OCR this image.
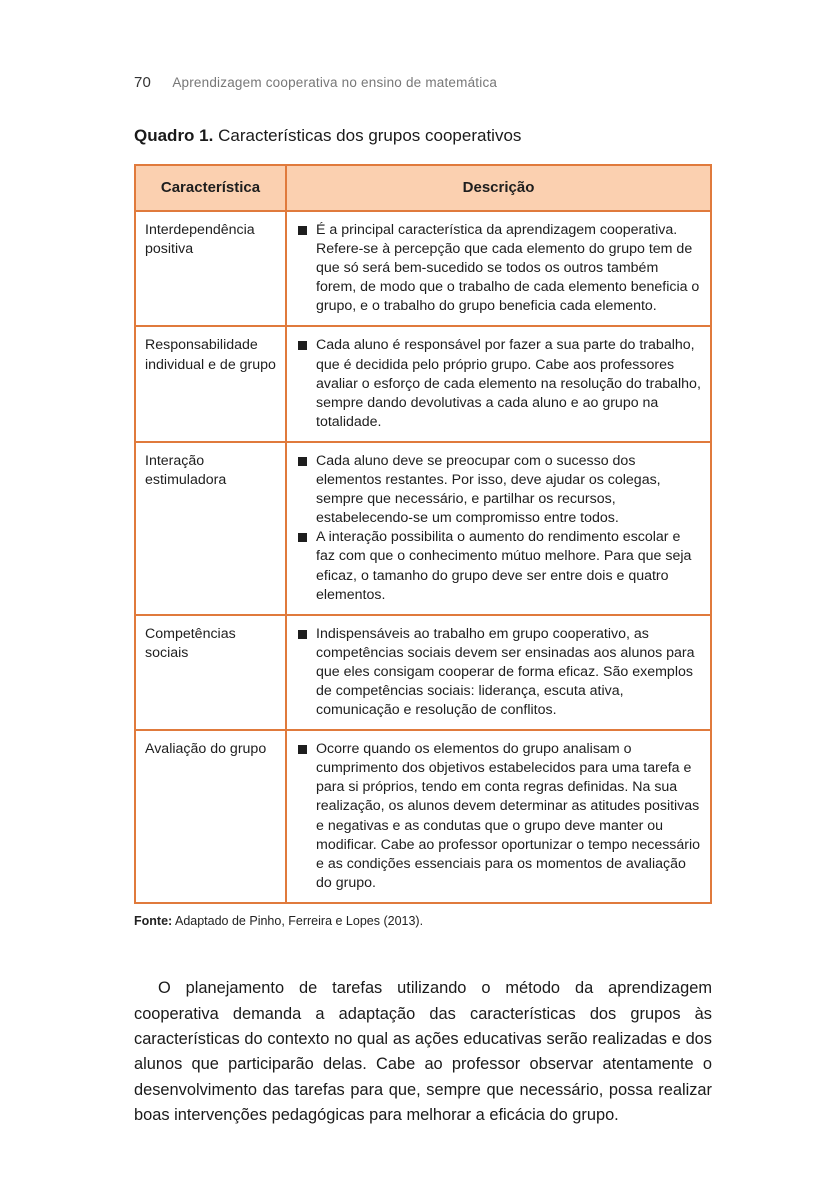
70 Aprendizagem cooperativa no ensino de matemática
Quadro 1. Características dos grupos cooperativos
Característica	Descrição
Interdependência positiva	
É a principal característica da aprendizagem cooperativa. Refere-se à percepção que cada elemento do grupo tem de que só será bem-sucedido se todos os outros também forem, de modo que o trabalho de cada elemento beneficia o grupo, e o trabalho do grupo beneficia cada elemento.

Responsabilidade individual e de grupo	
Cada aluno é responsável por fazer a sua parte do trabalho, que é decidida pelo próprio grupo. Cabe aos professores avaliar o esforço de cada elemento na resolução do trabalho, sempre dando devolutivas a cada aluno e ao grupo na totalidade.

Interação estimuladora	
Cada aluno deve se preocupar com o sucesso dos elementos restantes. Por isso, deve ajudar os colegas, sempre que necessário, e partilhar os recursos, estabelecendo-se um compromisso entre todos.
A interação possibilita o aumento do rendimento escolar e faz com que o conhecimento mútuo melhore. Para que seja eficaz, o tamanho do grupo deve ser entre dois e quatro elementos.

Competências sociais	
Indispensáveis ao trabalho em grupo cooperativo, as competências sociais devem ser ensinadas aos alunos para que eles consigam cooperar de forma eficaz. São exemplos de competências sociais: liderança, escuta ativa, comunicação e resolução de conflitos.

Avaliação do grupo	Ocorre quando os elementos do grupo analisam o cumprimento dos objetivos estabelecidos para uma tarefa e para si próprios, tendo em conta regras definidas. Na sua realização, os alunos devem determinar as atitudes positivas e negativas e as condutas que o grupo deve manter ou modificar. Cabe ao professor oportunizar o tempo necessário e as condições essenciais para os momentos de avaliação do grupo.
Fonte: Adaptado de Pinho, Ferreira e Lopes (2013).

O planejamento de tarefas utilizando o método da aprendizagem cooperativa demanda a adaptação das características dos grupos às características do contexto no qual as ações educativas serão realizadas e dos alunos que participarão delas. Cabe ao professor observar atentamente o desenvolvimento das tarefas para que, sempre que necessário, possa realizar boas intervenções pedagógicas para melhorar a eficácia do grupo.
